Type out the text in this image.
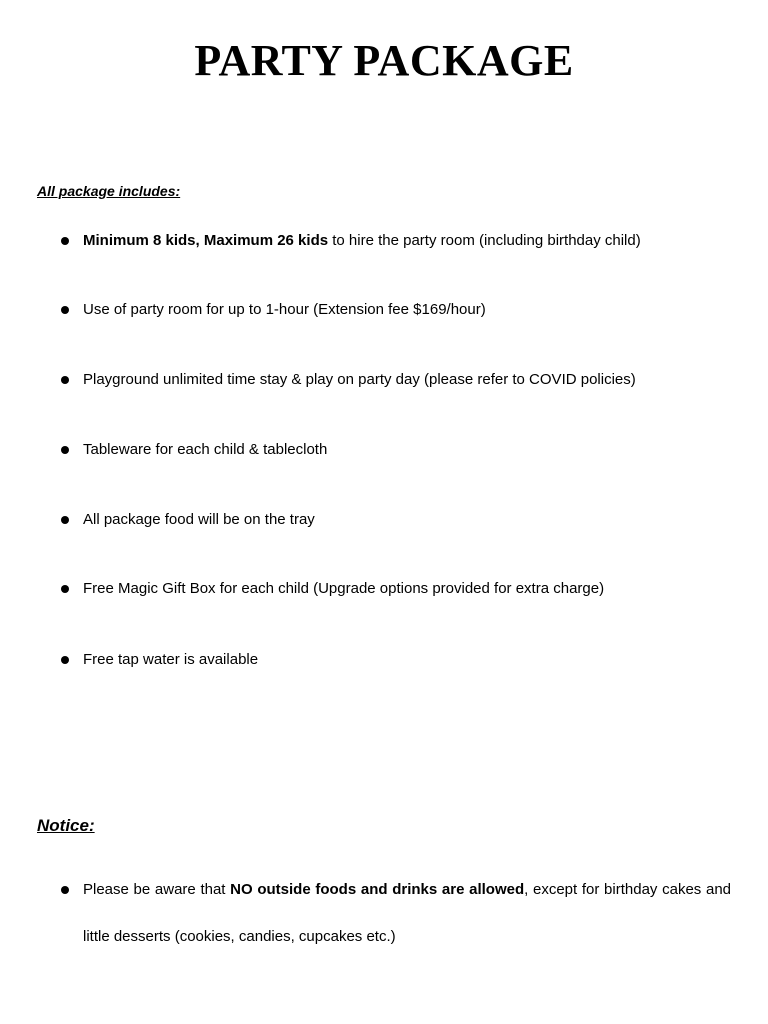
PARTY PACKAGE
All package includes:
Minimum 8 kids, Maximum 26 kids to hire the party room (including birthday child)
Use of party room for up to 1-hour (Extension fee $169/hour)
Playground unlimited time stay & play on party day (please refer to COVID policies)
Tableware for each child & tablecloth
All package food will be on the tray
Free Magic Gift Box for each child (Upgrade options provided for extra charge)
Free tap water is available
Notice:
Please be aware that NO outside foods and drinks are allowed, except for birthday cakes and little desserts (cookies, candies, cupcakes etc.)
